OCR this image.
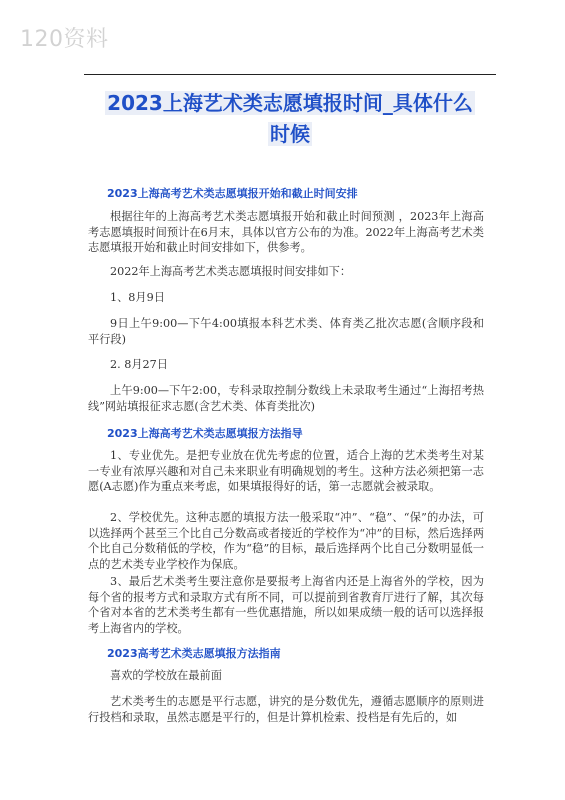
120资料
2023上海艺术类志愿填报时间_具体什么
时候
2023上海高考艺术类志愿填报开始和截止时间安排
根据往年的上海高考艺术类志愿填报开始和截止时间预测 ，2023年上海高考志愿填报时间预计在6月末，具体以官方公布的为准。2022年上海高考艺术类志愿填报开始和截止时间安排如下，供参考。
2022年上海高考艺术类志愿填报时间安排如下：
1、8月9日
9日上午9:00—下午4:00填报本科艺术类、体育类乙批次志愿(含顺序段和平行段)
2. 8月27日
上午9:00—下午2:00，专科录取控制分数线上未录取考生通过“上海招考热线”网站填报征求志愿(含艺术类、体育类批次)
2023上海高考艺术类志愿填报方法指导
1、专业优先。是把专业放在优先考虑的位置，适合上海的艺术类考生对某一专业有浓厚兴趣和对自己未来职业有明确规划的考生。这种方法必须把第一志愿(A志愿)作为重点来考虑，如果填报得好的话，第一志愿就会被录取。
2、学校优先。这种志愿的填报方法一般采取“冲”、“稳”、“保”的办法，可以选择两个甚至三个比自己分数高或者接近的学校作为“冲”的目标，然后选择两个比自己分数稍低的学校，作为“稳”的目标，最后选择两个比自己分数明显低一点的艺术类专业学校作为保底。
3、最后艺术类考生要注意你是要报考上海省内还是上海省外的学校，因为每个省的报考方式和录取方式有所不同，可以提前到省教育厅进行了解，其次每个省对本省的艺术类考生都有一些优惠措施，所以如果成绩一般的话可以选择报考上海省内的学校。
2023高考艺术类志愿填报方法指南
喜欢的学校放在最前面
艺术类考生的志愿是平行志愿，讲究的是分数优先，遵循志愿顺序的原则进行投档和录取，虽然志愿是平行的，但是计算机检索、投档是有先后的，如
